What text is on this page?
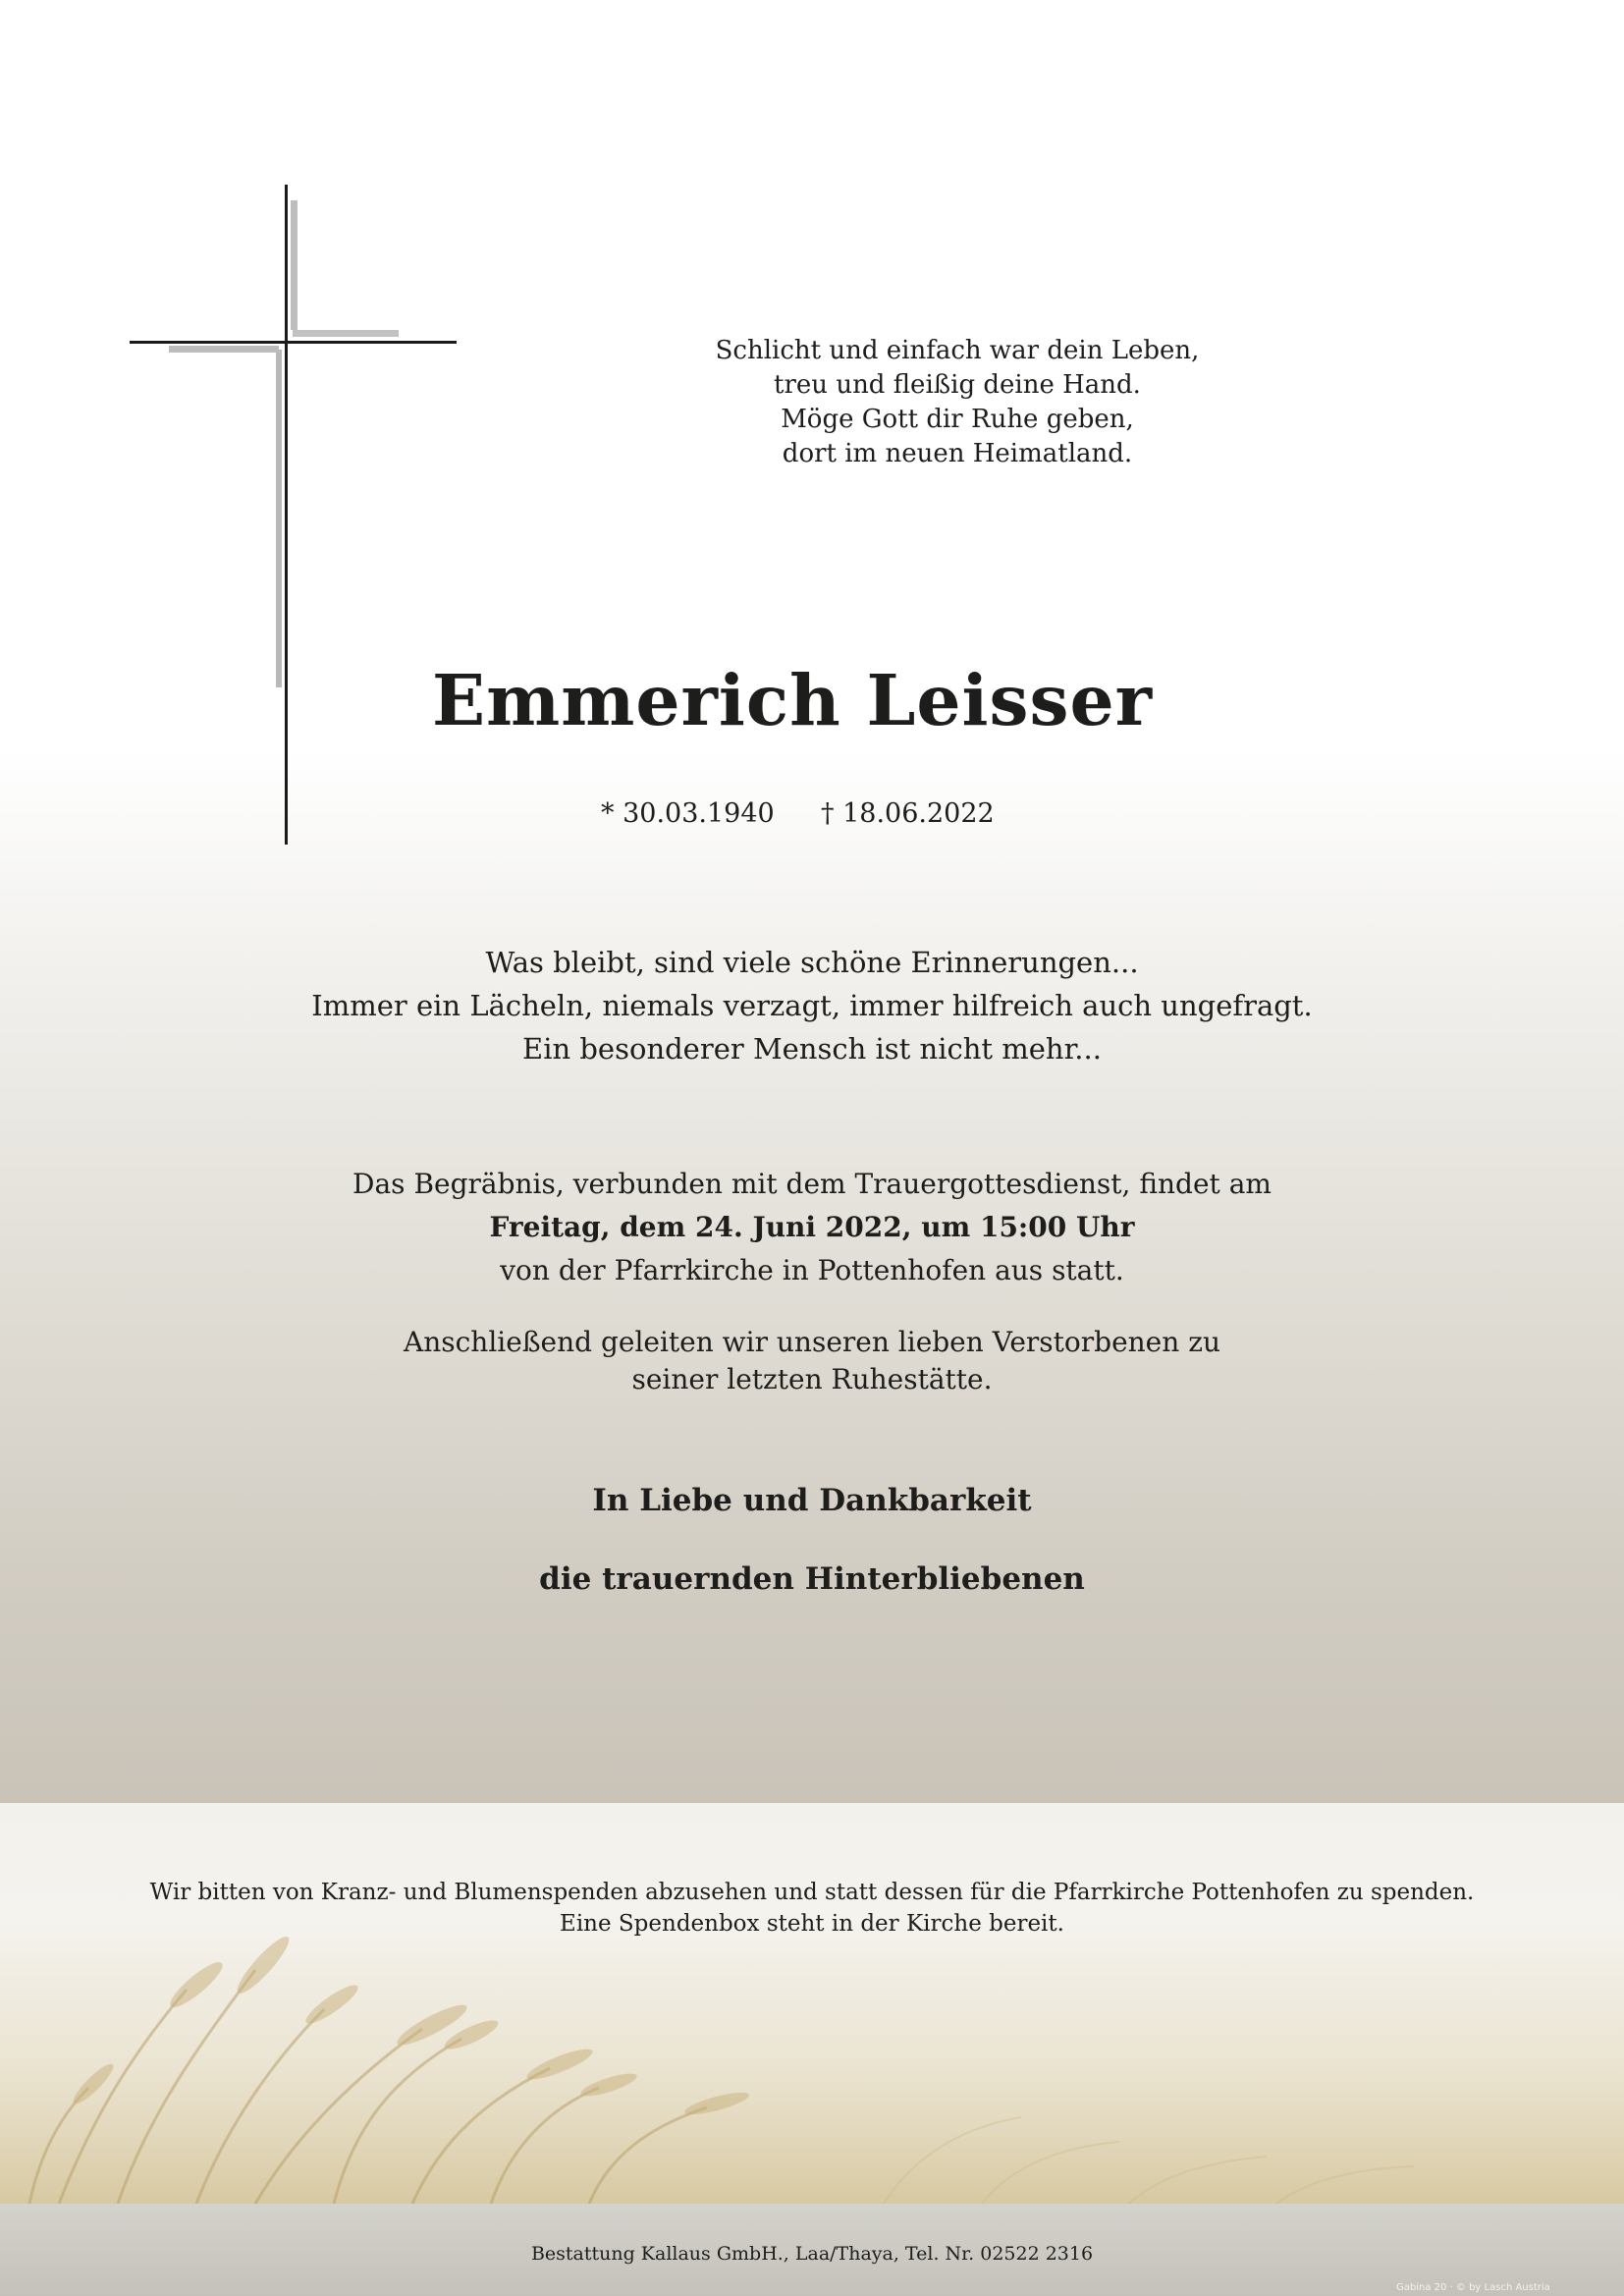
Schlicht und einfach war dein Leben,
treu und fleißig deine Hand.
Möge Gott dir Ruhe geben,
dort im neuen Heimatland.
Emmerich Leisser
* 30.03.1940 † 18.06.2022
Was bleibt, sind viele schöne Erinnerungen...
Immer ein Lächeln, niemals verzagt, immer hilfreich auch ungefragt.
Ein besonderer Mensch ist nicht mehr...
Das Begräbnis, verbunden mit dem Trauergottesdienst, findet am
Freitag, dem 24. Juni 2022, um 15:00 Uhr
von der Pfarrkirche in Pottenhofen aus statt.
Anschließend geleiten wir unseren lieben Verstorbenen zu
seiner letzten Ruhestätte.
In Liebe und Dankbarkeit
die trauernden Hinterbliebenen
Wir bitten von Kranz- und Blumenspenden abzusehen und statt dessen für die Pfarrkirche Pottenhofen zu spenden.
Eine Spendenbox steht in der Kirche bereit.
Bestattung Kallaus GmbH., Laa/Thaya, Tel. Nr. 02522 2316
Gabina 20 · © by Lasch Austria
